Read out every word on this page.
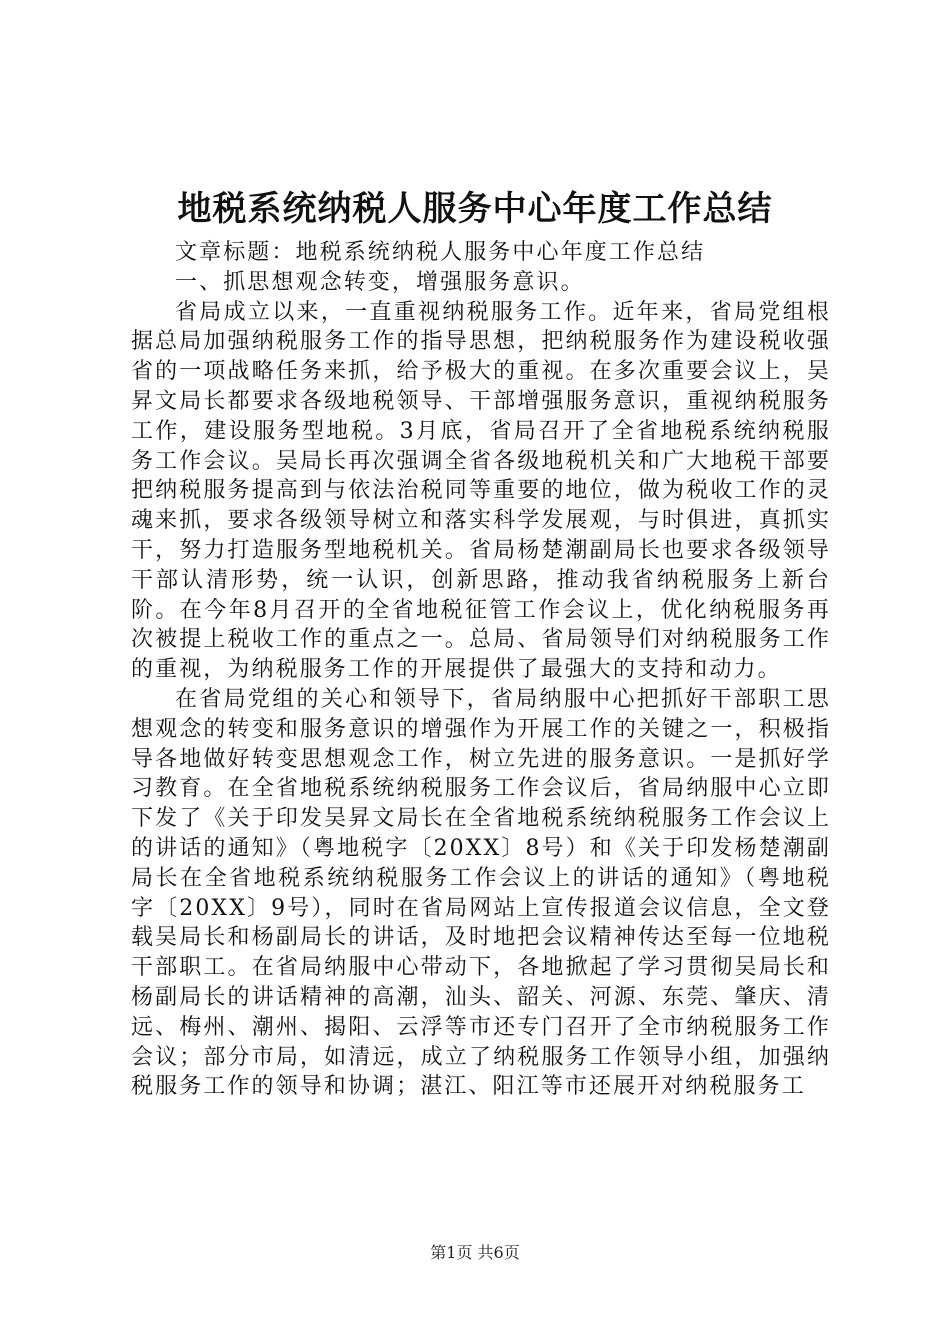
地税系统纳税人服务中心年度工作总结

文章标题：地税系统纳税人服务中心年度工作总结

一、抓思想观念转变，增强服务意识。

省局成立以来，一直重视纳税服务工作。近年来，省局党组根据总局加强纳税服务工作的指导思想，把纳税服务作为建设税收强省的一项战略任务来抓，给予极大的重视。在多次重要会议上，吴昇文局长都要求各级地税领导、干部增强服务意识，重视纳税服务工作，建设服务型地税。3月底，省局召开了全省地税系统纳税服务工作会议。吴局长再次强调全省各级地税机关和广大地税干部要把纳税服务提高到与依法治税同等重要的地位，做为税收工作的灵魂来抓，要求各级领导树立和落实科学发展观，与时俱进，真抓实干，努力打造服务型地税机关。省局杨楚潮副局长也要求各级领导干部认清形势，统一认识，创新思路，推动我省纳税服务上新台阶。在今年8月召开的全省地税征管工作会议上，优化纳税服务再次被提上税收工作的重点之一。总局、省局领导们对纳税服务工作的重视，为纳税服务工作的开展提供了最强大的支持和动力。

在省局党组的关心和领导下，省局纳服中心把抓好干部职工思想观念的转变和服务意识的增强作为开展工作的关键之一，积极指导各地做好转变思想观念工作，树立先进的服务意识。一是抓好学习教育。在全省地税系统纳税服务工作会议后，省局纳服中心立即下发了《关于印发吴昇文局长在全省地税系统纳税服务工作会议上的讲话的通知》（粤地税字〔20XX〕8号）和《关于印发杨楚潮副局长在全省地税系统纳税服务工作会议上的讲话的通知》（粤地税字〔20XX〕9号），同时在省局网站上宣传报道会议信息，全文登载吴局长和杨副局长的讲话，及时地把会议精神传达至每一位地税干部职工。在省局纳服中心带动下，各地掀起了学习贯彻吴局长和杨副局长的讲话精神的高潮，汕头、韶关、河源、东莞、肇庆、清远、梅州、潮州、揭阳、云浮等市还专门召开了全市纳税服务工作会议；部分市局，如清远，成立了纳税服务工作领导小组，加强纳税服务工作的领导和协调；湛江、阳江等市还展开对纳税服务工

第1页 共6页
